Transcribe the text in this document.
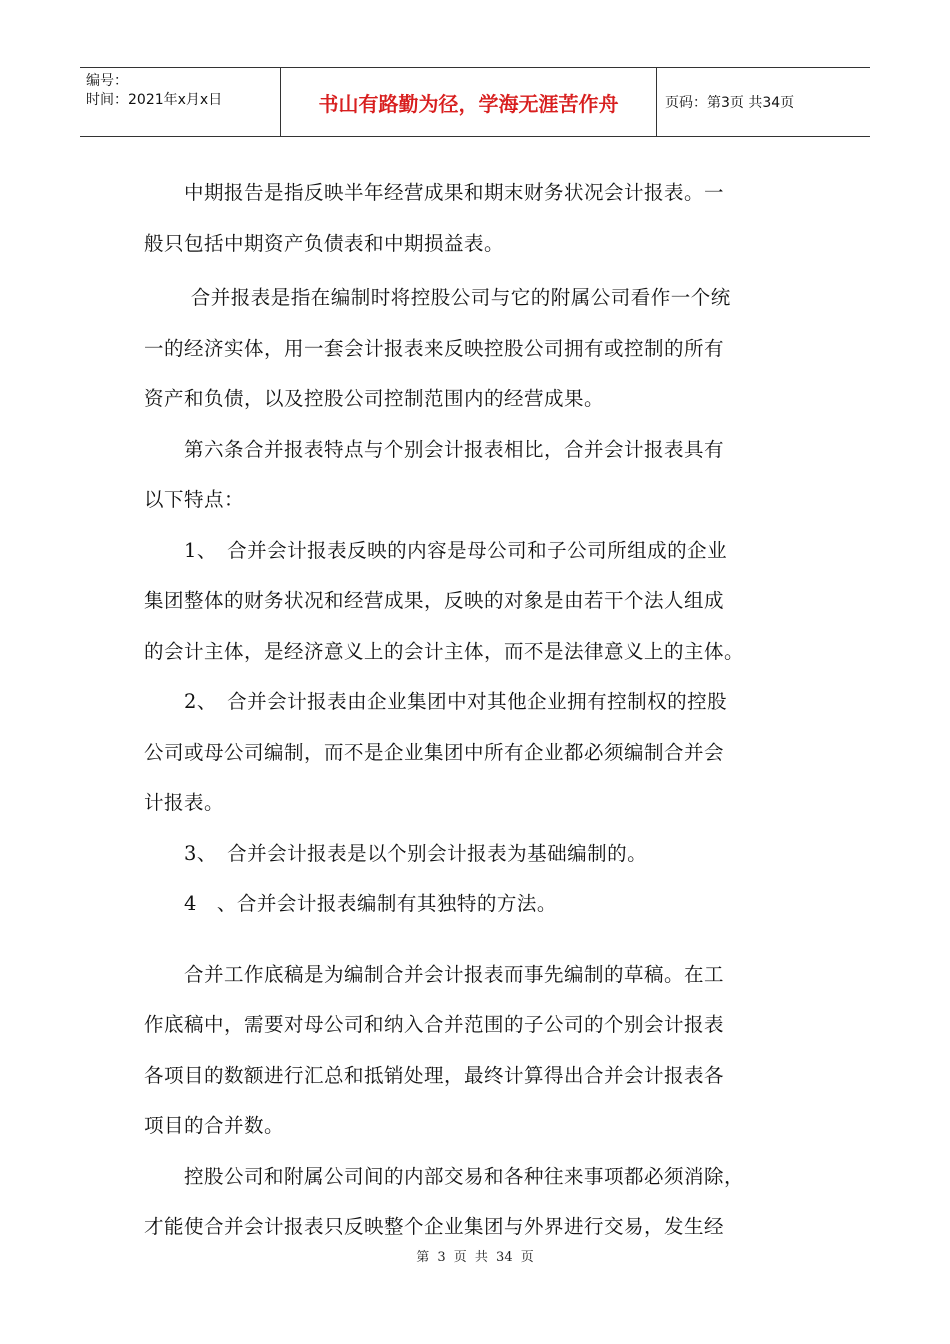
编号：
时间：2021年x月x日	书山有路勤为径，学海无涯苦作舟	页码：第3页 共34页

　　中期报告是指反映半年经营成果和期末财务状况会计报表。一

般只包括中期资产负债表和中期损益表。

　　 合并报表是指在编制时将控股公司与它的附属公司看作一个统

一的经济实体，用一套会计报表来反映控股公司拥有或控制的所有

资产和负债，以及控股公司控制范围内的经营成果。

　　第六条合并报表特点与个别会计报表相比，合并会计报表具有

以下特点：

　　1、　合并会计报表反映的内容是母公司和子公司所组成的企业

集团整体的财务状况和经营成果，反映的对象是由若干个法人组成

的会计主体，是经济意义上的会计主体，而不是法律意义上的主体。

　　2、　合并会计报表由企业集团中对其他企业拥有控制权的控股

公司或母公司编制，而不是企业集团中所有企业都必须编制合并会

计报表。

　　3、　合并会计报表是以个别会计报表为基础编制的。

　　4　、合并会计报表编制有其独特的方法。

　　合并工作底稿是为编制合并会计报表而事先编制的草稿。在工

作底稿中，需要对母公司和纳入合并范围的子公司的个别会计报表

各项目的数额进行汇总和抵销处理，最终计算得出合并会计报表各

项目的合并数。

　　控股公司和附属公司间的内部交易和各种往来事项都必须消除，

才能使合并会计报表只反映整个企业集团与外界进行交易，发生经

第 3 页 共 34 页
